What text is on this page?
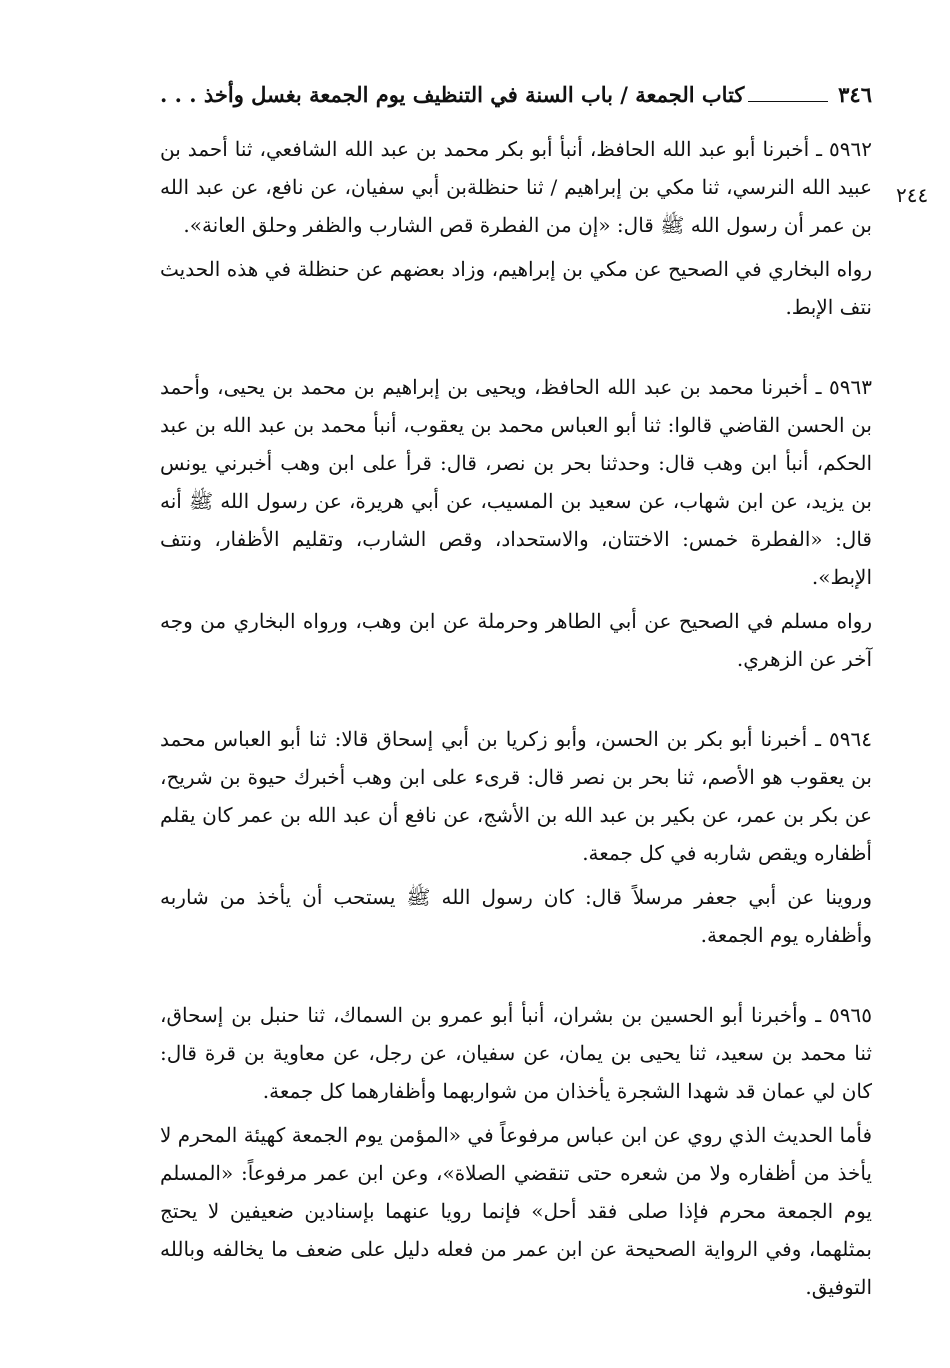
٣٤٦
كتاب الجمعة / باب السنة في التنظيف يوم الجمعة بغسل وأخذ . . .

٥٩٦٢ ـ أخبرنا أبو عبد الله الحافظ، أنبأ أبو بكر محمد بن عبد الله الشافعي، ثنا أحمد بن عبيد الله النرسي، ثنا مكي بن إبراهيم / ثنا حنظلةبن أبي سفيان، عن نافع، عن عبد الله بن عمر أن رسول الله ﷺ قال: «إن من الفطرة قص الشارب والظفر وحلق العانة».

رواه البخاري في الصحيح عن مكي بن إبراهيم، وزاد بعضهم عن حنظلة في هذه الحديث نتف الإبط.

٥٩٦٣ ـ أخبرنا محمد بن عبد الله الحافظ، ويحيى بن إبراهيم بن محمد بن يحيى، وأحمد بن الحسن القاضي قالوا: ثنا أبو العباس محمد بن يعقوب، أنبأ محمد بن عبد الله بن عبد الحكم، أنبأ ابن وهب قال: وحدثنا بحر بن نصر، قال: قرأ على ابن وهب أخبرني يونس بن يزيد، عن ابن شهاب، عن سعيد بن المسيب، عن أبي هريرة، عن رسول الله ﷺ أنه قال: «الفطرة خمس: الاختتان، والاستحداد، وقص الشارب، وتقليم الأظفار، ونتف الإبط».

رواه مسلم في الصحيح عن أبي الطاهر وحرملة عن ابن وهب، ورواه البخاري من وجه آخر عن الزهري.

٥٩٦٤ ـ أخبرنا أبو بكر بن الحسن، وأبو زكريا بن أبي إسحاق قالا: ثنا أبو العباس محمد بن يعقوب هو الأصم، ثنا بحر بن نصر قال: قرىء على ابن وهب أخبرك حيوة بن شريح، عن بكر بن عمر، عن بكير بن عبد الله بن الأشج، عن نافع أن عبد الله بن عمر كان يقلم أظفاره ويقص شاربه في كل جمعة.

وروينا عن أبي جعفر مرسلاً قال: كان رسول الله ﷺ يستحب أن يأخذ من شاربه وأظفاره يوم الجمعة.

٥٩٦٥ ـ وأخبرنا أبو الحسين بن بشران، أنبأ أبو عمرو بن السماك، ثنا حنبل بن إسحاق، ثنا محمد بن سعيد، ثنا يحيى بن يمان، عن سفيان، عن رجل، عن معاوية بن قرة قال: كان لي عمان قد شهدا الشجرة يأخذان من شواربهما وأظفارهما كل جمعة.

فأما الحديث الذي روي عن ابن عباس مرفوعاً في «المؤمن يوم الجمعة كهيئة المحرم لا يأخذ من أظفاره ولا من شعره حتى تنقضي الصلاة»، وعن ابن عمر مرفوعاً: «المسلم يوم الجمعة محرم فإذا صلى فقد أحل» فإنما رويا عنهما بإسنادين ضعيفين لا يحتج بمثلهما، وفي الرواية الصحيحة عن ابن عمر من فعله دليل على ضعف ما يخالفه وبالله التوفيق.

٢٤٤
